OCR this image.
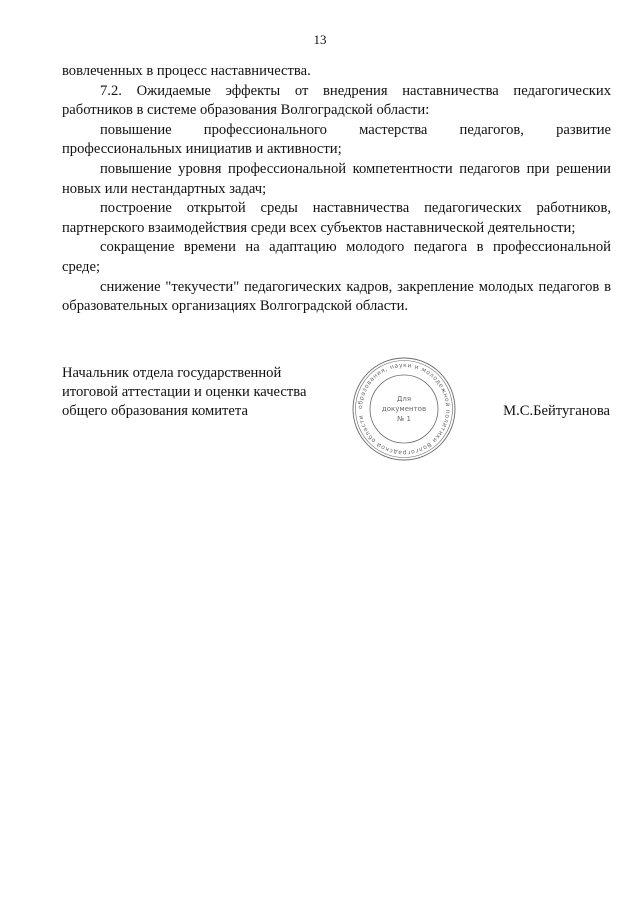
13

вовлеченных в процесс наставничества.

7.2. Ожидаемые эффекты от внедрения наставничества педагогических работников в системе образования Волгоградской области:

повышение профессионального мастерства педагогов, развитие профессиональных инициатив и активности;

повышение уровня профессиональной компетентности педагогов при решении новых или нестандартных задач;

построение открытой среды наставничества педагогических работников, партнерского взаимодействия среди всех субъектов наставнической деятельности;

сокращение времени на адаптацию молодого педагога в профессиональной среде;

снижение "текучести" педагогических кадров, закрепление молодых педагогов в образовательных организациях Волгоградской области.

Начальник отдела государственной
итоговой аттестации и оценки качества
общего образования комитета	образования, науки и молодежной политики Волгоградской области
Для
документов
№ 1	М.С.Бейтуганова
